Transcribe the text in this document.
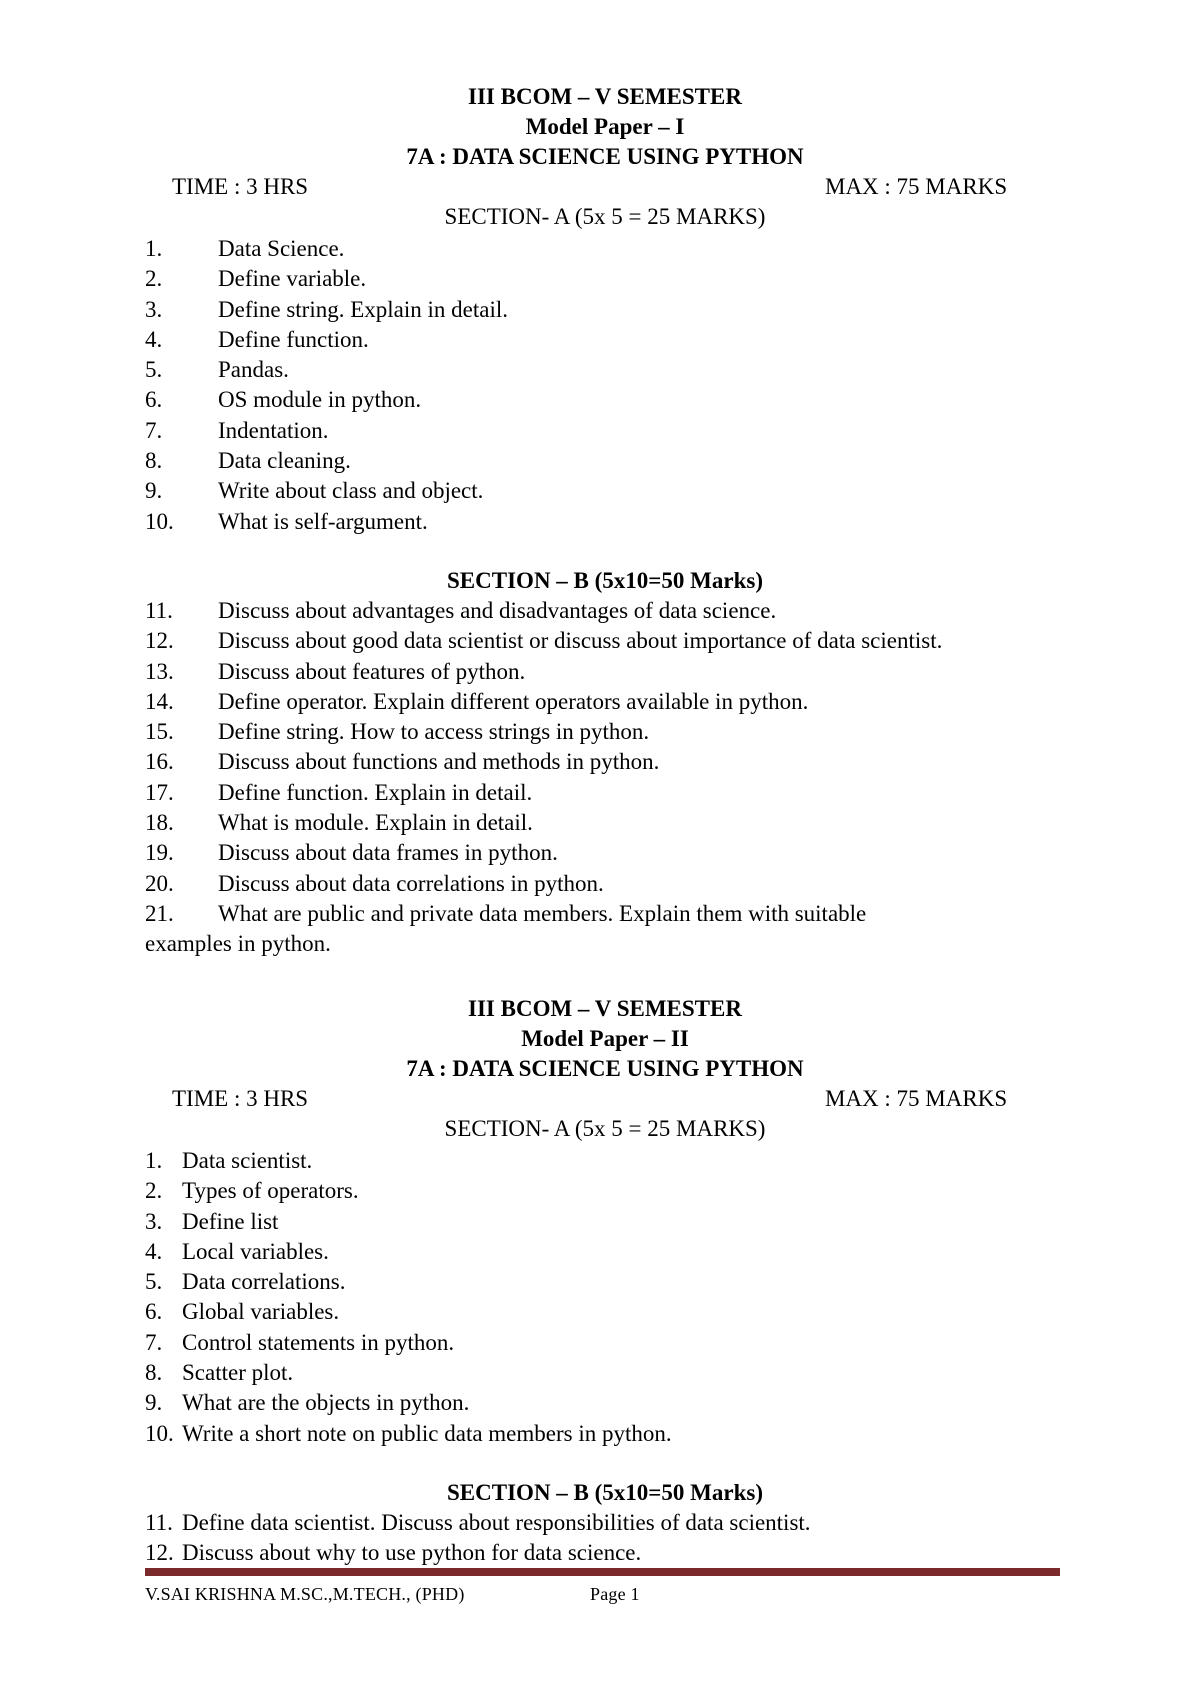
III BCOM – V SEMESTER
Model Paper – I
7A : DATA SCIENCE USING PYTHON
TIME : 3 HRS	MAX : 75 MARKS
SECTION- A (5x 5 = 25 MARKS)
1. Data Science.
2. Define variable.
3. Define string. Explain in detail.
4. Define function.
5. Pandas.
6. OS module in python.
7. Indentation.
8. Data cleaning.
9. Write about class and object.
10. What is self-argument.
SECTION – B (5x10=50 Marks)
11. Discuss about advantages and disadvantages of data science.
12. Discuss about good data scientist or discuss about importance of data scientist.
13. Discuss about features of python.
14. Define operator. Explain different operators available in python.
15. Define string. How to access strings in python.
16. Discuss about functions and methods in python.
17. Define function. Explain in detail.
18. What is module. Explain in detail.
19. Discuss about data frames in python.
20. Discuss about data correlations in python.
21. What are public and private data members. Explain them with suitable
examples in python.
III BCOM – V SEMESTER
Model Paper – II
7A : DATA SCIENCE USING PYTHON
TIME : 3 HRS	MAX : 75 MARKS
SECTION- A (5x 5 = 25 MARKS)
1. Data scientist.
2. Types of operators.
3. Define list
4. Local variables.
5. Data correlations.
6. Global variables.
7. Control statements in python.
8. Scatter plot.
9. What are the objects in python.
10. Write a short note on public data members in python.
SECTION – B (5x10=50 Marks)
11. Define data scientist. Discuss about responsibilities of data scientist.
12. Discuss about why to use python for data science.
V.SAI KRISHNA M.SC.,M.TECH., (PHD)	Page 1
